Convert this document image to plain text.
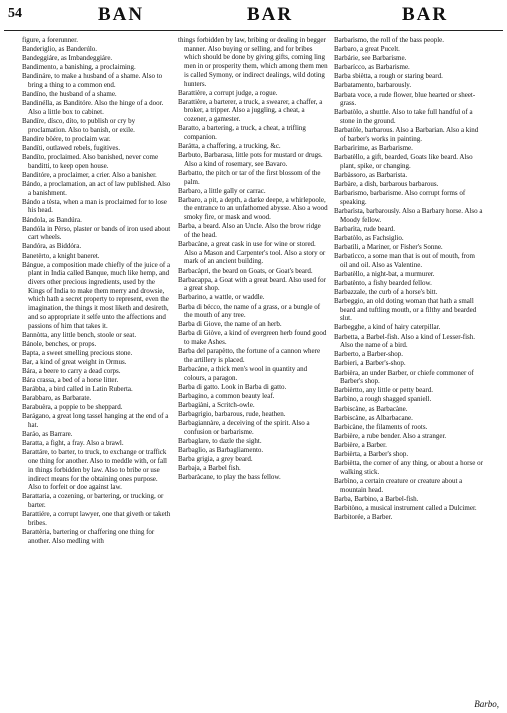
54	BAN	BAR	BAR
figure, a forerunner.
Banderiglio, as Banderúlo.
Bandeggiáre, as Imbandeggiáre.
Bandimento, a banishing, a proclaiming.
Bandináre, to make a husband of a shame. Also to bring a thing to a common end.
Bandíno, the husband of a shame.
Bandinélla, as Banditóre. Also the hinge of a door. Also a little box to cabinet.
Bandíre, dísco, díto, to publish or cry by proclamation. Also to banish, or exile.
Bandire böére, to proclaim war.
Bandíti, outlawed rebels, fugitives.
Bandíto, proclaimed. Also banished, never come banditti, to keep open house.
Banditóre, a proclaimer, a crier. Also a banisher.
Bándo, a proclamation, an act of law published. Also a banishment.
Bándo a tèsta, when a man is proclaimed for to lose his head.
Bándola, as Bandúra.
Bandóla in Pèrso, plaster or bands of iron used about cart wheels.
Bandóra, as Biddóra.
Banetèrto, a knight baneret.
Bángue, a composition made chiefly of the juice of a plant in India called Banque, much like hemp, and divers other precious ingredients, used by the Kings of India to make them merry and drowsie, which hath a secret property to represent, even the imagination, the things it most liketh and desireth, and so appropriate it selfe unto the affections and passions of him that takes it.
Bannòtta, any little bench, stoole or seat.
Bánole, benches, or props.
Bapta, a sweet smelling precious stone.
Bar, a kind of great weight in Ormus.
Bára, a beere to carry a dead corps.
Bára crassa, a bed of a horse litter.
Barábba, a bird called in Latin Ruberta.
Barabbaro, as Barbarate.
Barabuèra, a poppie to be sheppard.
Barágano, a great long tassel hanging at the end of a hat.
Baráo, as Barrare.
Baratta, a fight, a fray. Also a brawl.
Barattáre, to barter, to truck, to exchange or traffick one thing for another. Also to meddle with, or fall in things forbidden by law. Also to bribe or use indirect means for the obtaining ones purpose. Also to forfeit or doe against law.
Barattaria, a cozening, or bartering, or trucking, or barter.
Barattiére, a corrupt lawyer, one that giveth or taketh bribes.
Barattèria, bartering or chaffering one thing for another. Also medling with
things forbidden by law, bribing or dealing in begger manner. Also buying or selling, and for bribes which should be done by giving gifts, coming ling men in or prosperity them, which among them men is called Symony, or indirect dealings, wild doting hunters.
Barattière, a corrupt judge, a rogue.
Barattière, a barterer, a truck, a swearer, a chaffer, a broker, a tripper. Also a juggling, a cheat, a cozener, a gamester.
Baratto, a bartering, a truck, a cheat, a trifling companion.
Barátta, a chaffering, a trucking, &c.
Barbuto, Barbarasa, little pots for mustard or drugs. Also a kind of rosemary, see Bavaro.
Barbatto, the pitch or tar of the first blossom of the palm.
Barbaro, a little gally or carrac.
Barbaro, a pit, a depth, a darke deepe, a whirlepoole, the entrance to an unfathomed abysse. Also a wood smoky fire, or mask and wood.
Barba, a beard. Also an Uncle. Also the brow ridge of the head.
Barbacàne, a great cask in use for wine or stored. Also a Mason and Carpenter's tool. Also a story or mark of an ancient building.
Barbacàpri, the beard on Goats, or Goat's beard.
Barbacappa, a Goat with a great beard. Also used for a great shop.
Barbarino, a wattle, or waddle.
Barba di bécco, the name of a grass, or a bungle of the mouth of any tree.
Barba di Giove, the name of an herb.
Barba di Giòve, a kind of evergreen herb found good to make Ashes.
Barba del parapètto, the fortune of a cannon where the artillery is placed.
Barbacàne, a thick men's wool in quantity and colours, a paragon.
Barba di gatto. Look in Barba di gatto.
Barbagino, a common beauty leaf.
Barbagiàni, a Scritch-owle.
Barbagrigio, barbarous, rude, heathen.
Barbagiannàre, a deceiving of the spirit. Also a confusion or barbarisme.
Barbaglare, to dazle the sight.
Barbaglio, as Barbagliamento.
Barba grigia, a grey beard.
Barbaja, a Barbel fish.
Barbaràcane, to play the bass fellow.
Barbarìsmo, the roll of the bass people.
Barbaro, a great Pucelt.
Barbárie, see Barbarisme.
Barbarícco, as Barbarisme.
Barba sbiètta, a rough or staring beard.
Barbatamento, barbarously.
Barbata voce, a rude flower, blue hearted or sheet-grass.
Barbatòlo, a shuttle. Also to take full handful of a stone in the ground.
Barbatòle, barbarous. Also a Barbarian. Also a kind of barber's works in painting.
Barbarìrime, as Barbarisme.
Barbatèllo, a gift, bearded, Goats like beard. Also plant, spike, or changing.
Barbàssoro, as Barbarista.
Barbàre, a dish, barbarous barbarous.
Barbarismo, barbarisme. Also corrupt forms of speaking.
Barbarìsta, barbarously. Also a Barbary horse. Also a Moody fellow.
Barbarìta, rude beard.
Barbatòlo, as Fachsiglio.
Barbatìli, a Mariner, or Fisher's Sonne.
Barbatìcco, a some man that is out of mouth, from oil and oil. Also as Valentine.
Barbatèllo, a night-bat, a murmurer.
Barbatènto, a fishy bearded fellow.
Barbazzale, the curb of a horse's bitt.
Barbeggio, an old doting woman that hath a small beard and tuftling mouth, or a filthy and bearded slut.
Barbegghe, a kind of hairy caterpillar.
Barbetta, a Barbel-fish. Also a kind of Lesser-fish. Also the name of a bird.
Barberto, a Barber-shop.
Barbieri, a Barber's-shop.
Barbièra, an under Barber, or chiefe commoner of Barber's shop.
Barbièrtto, any little or petty beard.
Barbìno, a rough shagged spaniell.
Barbiscàne, as Barbacàne.
Barbiscàne, as Albarbacane.
Barbicàne, the filaments of roots.
Barbière, a rube bender. Also a stranger.
Barbière, a Barber.
Barbièrta, a Barber's shop.
Barbiètta, the corner of any thing, or about a horse or walking stick.
Barbìno, a certain creature or creature about a mountain head.
Barba, Barbino, a Barbel-fish.
Barbitòno, a musical instrument called a Dulcimer.
Barbitorée, a Barber.
Barbo,
